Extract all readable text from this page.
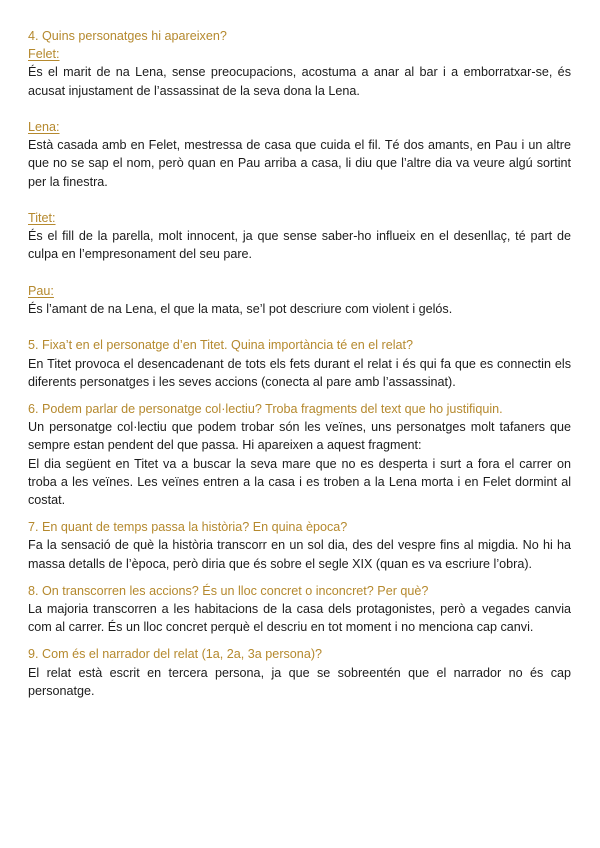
4. Quins personatges hi apareixen?

Felet:

És el marit de na Lena, sense preocupacions, acostuma a anar al bar i a emborratxar-se, és acusat injustament de l’assassinat de la seva dona la Lena.

Lena:

Està casada amb en Felet, mestressa de casa que cuida el fil. Té dos amants, en Pau i un altre que no se sap el nom, però quan en Pau arriba a casa, li diu que l’altre dia va veure algú sortint per la finestra.

Titet:

És el fill de la parella, molt innocent, ja que sense saber-ho influeix en el desenllaç, té part de culpa en l’empresonament del seu pare.

Pau:

És l’amant de na Lena, el que la mata, se’l pot descriure com violent i gelós.

5. Fixa’t en el personatge d’en Titet. Quina importància té en el relat?

En Titet provoca el desencadenant de tots els fets durant el relat i és qui fa que es connectin els diferents personatges i les seves accions (conecta al pare amb l’assassinat).

6. Podem parlar de personatge col·lectiu? Troba fragments del text que ho justifiquin.

Un personatge col·lectiu que podem trobar són les veïnes, uns personatges molt tafaners que sempre estan pendent del que passa. Hi apareixen a aquest fragment:

El dia següent en Titet va a buscar la seva mare que no es desperta i surt a fora el carrer on troba a les veïnes. Les veïnes entren a la casa i es troben a la Lena morta i en Felet dormint al costat.

7. En quant de temps passa la història? En quina època?

Fa la sensació de què la història transcorr en un sol dia, des del vespre fins al migdia. No hi ha massa detalls de l’època, però diria que és sobre el segle XIX (quan es va escriure l’obra).

8. On transcorren les accions? És un lloc concret o inconcret? Per què?

La majoria transcorren a les habitacions de la casa dels protagonistes, però a vegades canvia com al carrer. És un lloc concret perquè el descriu en tot moment i no menciona cap canvi.

9. Com és el narrador del relat (1a, 2a, 3a persona)?

El relat està escrit en tercera persona, ja que se sobreentén que el narrador no és cap personatge.
